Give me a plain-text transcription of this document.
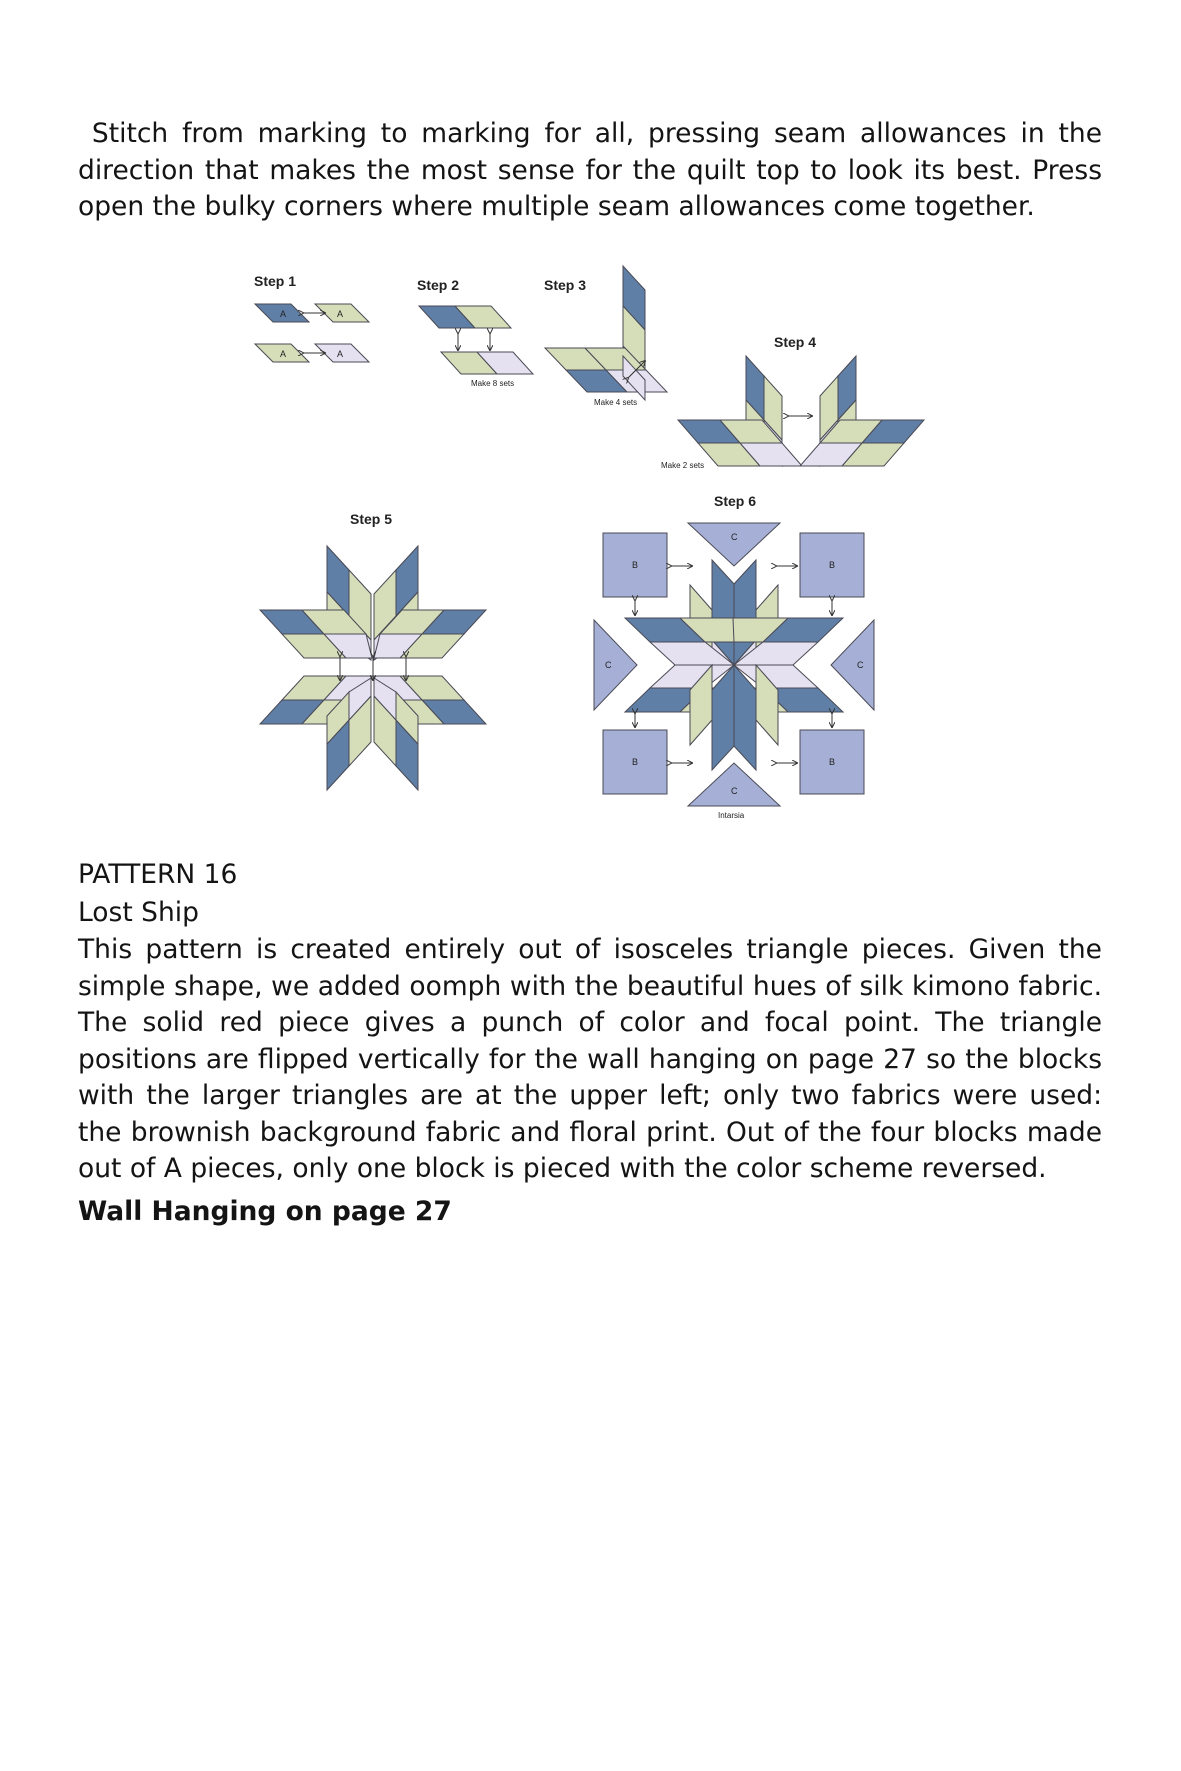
Stitch from marking to marking for all, pressing seam allowances in the direction that makes the most sense for the quilt top to look its best. Press open the bulky corners where multiple seam allowances come together.

Step 1	Step 2	Step 3
Step 4
Step 5
Step 6
A	A
A	A
Make 8 sets
Make 4 sets
Make 2 sets
B	B
B	B
C
C
C	C
Intarsia

PATTERN 16

Lost Ship

This pattern is created entirely out of isosceles triangle pieces. Given the simple shape, we added oomph with the beautiful hues of silk kimono fabric. The solid red piece gives a punch of color and focal point. The triangle positions are flipped vertically for the wall hanging on page 27 so the blocks with the larger triangles are at the upper left; only two fabrics were used: the brownish background fabric and floral print. Out of the four blocks made out of A pieces, only one block is pieced with the color scheme reversed.

Wall Hanging on page 27
